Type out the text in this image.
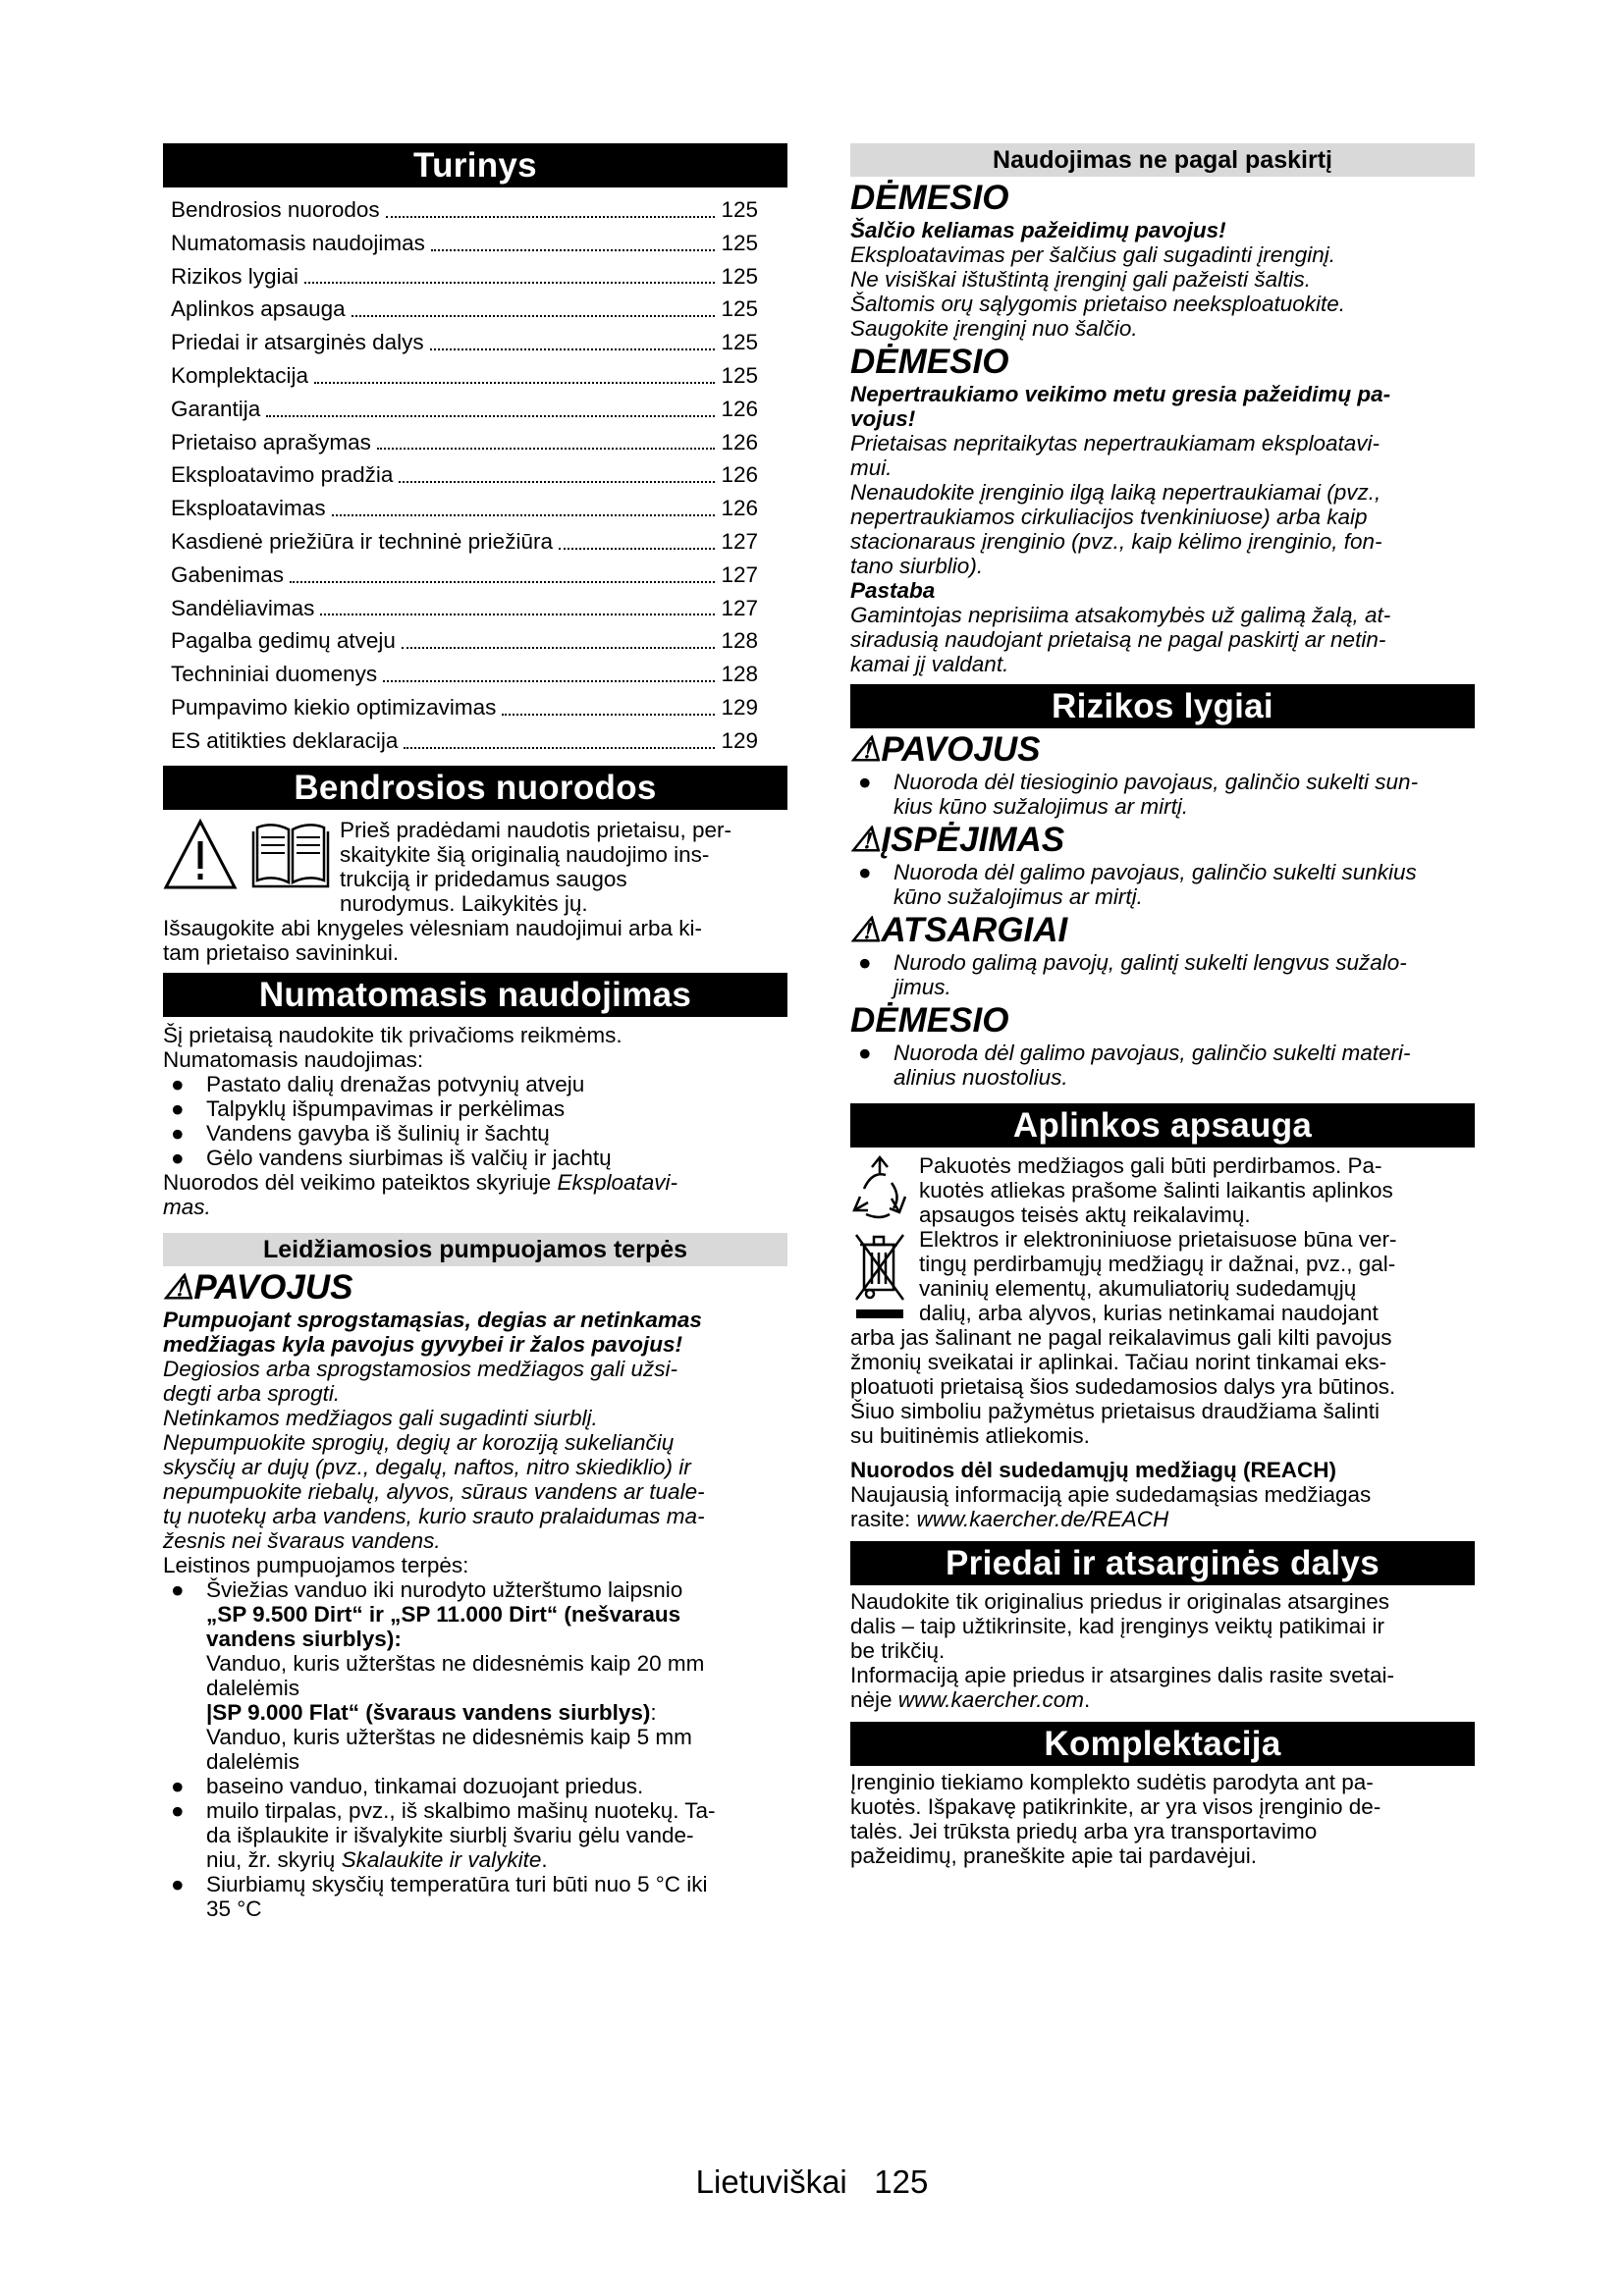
Turinys
Bendrosios nuorodos	125
Numatomasis naudojimas	125
Rizikos lygiai	125
Aplinkos apsauga	125
Priedai ir atsarginės dalys	125
Komplektacija	125
Garantija	126
Prietaiso aprašymas	126
Eksploatavimo pradžia	126
Eksploatavimas	126
Kasdienė priežiūra ir techninė priežiūra	127
Gabenimas	127
Sandėliavimas	127
Pagalba gedimų atveju	128
Techniniai duomenys	128
Pumpavimo kiekio optimizavimas	129
ES atitikties deklaracija	129
Bendrosios nuorodos

Prieš pradėdami naudotis prietaisu, per-
skaitykite šią originalią naudojimo ins-
trukciją ir pridedamus saugos
nurodymus. Laikykitės jų.
Išsaugokite abi knygeles vėlesniam naudojimui arba ki-
tam prietaiso savininkui.

Numatomasis naudojimas

Šį prietaisą naudokite tik privačioms reikmėms.
Numatomasis naudojimas:

● Pastato dalių drenažas potvynių atveju
● Talpyklų išpumpavimas ir perkėlimas
● Vandens gavyba iš šulinių ir šachtų
● Gėlo vandens siurbimas iš valčių ir jachtų

Nuorodos dėl veikimo pateiktos skyriuje Eksploatavi-
mas.

Leidžiamosios pumpuojamos terpės
⚠PAVOJUS

Pumpuojant sprogstamąsias, degias ar netinkamas
medžiagas kyla pavojus gyvybei ir žalos pavojus!
Degiosios arba sprogstamosios medžiagos gali užsi-
degti arba sprogti.
Netinkamos medžiagos gali sugadinti siurblį.
Nepumpuokite sprogių, degių ar koroziją sukeliančių
skysčių ar dujų (pvz., degalų, naftos, nitro skiediklio) ir
nepumpuokite riebalų, alyvos, sūraus vandens ar tuale-
tų nuotekų arba vandens, kurio srauto pralaidumas ma-
žesnis nei švaraus vandens.
Leistinos pumpuojamos terpės:

● Šviežias vanduo iki nurodyto užterštumo laipsnio
„SP 9.500 Dirt“ ir „SP 11.000 Dirt“ (nešvaraus
vandens siurblys):
Vanduo, kuris užterštas ne didesnėmis kaip 20 mm
dalelėmis
|SP 9.000 Flat“ (švaraus vandens siurblys):
Vanduo, kuris užterštas ne didesnėmis kaip 5 mm
dalelėmis
● baseino vanduo, tinkamai dozuojant priedus.
● muilo tirpalas, pvz., iš skalbimo mašinų nuotekų. Ta-
da išplaukite ir išvalykite siurblį švariu gėlu vande-
niu, žr. skyrių Skalaukite ir valykite.
● Siurbiamų skysčių temperatūra turi būti nuo 5 °C iki
35 °C
Naudojimas ne pagal paskirtį
DĖMESIO

Šalčio keliamas pažeidimų pavojus!
Eksploatavimas per šalčius gali sugadinti įrenginį.
Ne visiškai ištuštintą įrenginį gali pažeisti šaltis.
Šaltomis orų sąlygomis prietaiso neeksploatuokite.
Saugokite įrenginį nuo šalčio.

DĖMESIO

Nepertraukiamo veikimo metu gresia pažeidimų pa-
vojus!
Prietaisas nepritaikytas nepertraukiamam eksploatavi-
mui.
Nenaudokite įrenginio ilgą laiką nepertraukiamai (pvz.,
nepertraukiamos cirkuliacijos tvenkiniuose) arba kaip
stacionaraus įrenginio (pvz., kaip kėlimo įrenginio, fon-
tano siurblio).
Pastaba
Gamintojas neprisiima atsakomybės už galimą žalą, at-
siradusią naudojant prietaisą ne pagal paskirtį ar netin-
kamai jį valdant.

Rizikos lygiai
⚠PAVOJUS
● Nuoroda dėl tiesioginio pavojaus, galinčio sukelti sun-
kius kūno sužalojimus ar mirtį.
⚠ĮSPĖJIMAS
● Nuoroda dėl galimo pavojaus, galinčio sukelti sunkius
kūno sužalojimus ar mirtį.
⚠ATSARGIAI
● Nurodo galimą pavojų, galintį sukelti lengvus sužalo-
jimus.
DĖMESIO
● Nuoroda dėl galimo pavojaus, galinčio sukelti materi-
alinius nuostolius.
Aplinkos apsauga

Pakuotės medžiagos gali būti perdirbamos. Pa-
kuotės atliekas prašome šalinti laikantis aplinkos
apsaugos teisės aktų reikalavimų.

Elektros ir elektroniniuose prietaisuose būna ver-
tingų perdirbamųjų medžiagų ir dažnai, pvz., gal-
vaninių elementų, akumuliatorių sudedamųjų
dalių, arba alyvos, kurias netinkamai naudojant
arba jas šalinant ne pagal reikalavimus gali kilti pavojus
žmonių sveikatai ir aplinkai. Tačiau norint tinkamai eks-
ploatuoti prietaisą šios sudedamosios dalys yra būtinos.
Šiuo simboliu pažymėtus prietaisus draudžiama šalinti
su buitinėmis atliekomis.

Nuorodos dėl sudedamųjų medžiagų (REACH)
Naujausią informaciją apie sudedamąsias medžiagas
rasite: www.kaercher.de/REACH

Priedai ir atsarginės dalys

Naudokite tik originalius priedus ir originalas atsargines
dalis – taip užtikrinsite, kad įrenginys veiktų patikimai ir
be trikčių.
Informaciją apie priedus ir atsargines dalis rasite svetai-
nėje www.kaercher.com.

Komplektacija

Įrenginio tiekiamo komplekto sudėtis parodyta ant pa-
kuotės. Išpakavę patikrinkite, ar yra visos įrenginio de-
talės. Jei trūksta priedų arba yra transportavimo
pažeidimų, praneškite apie tai pardavėjui.

Lietuviškai 125
